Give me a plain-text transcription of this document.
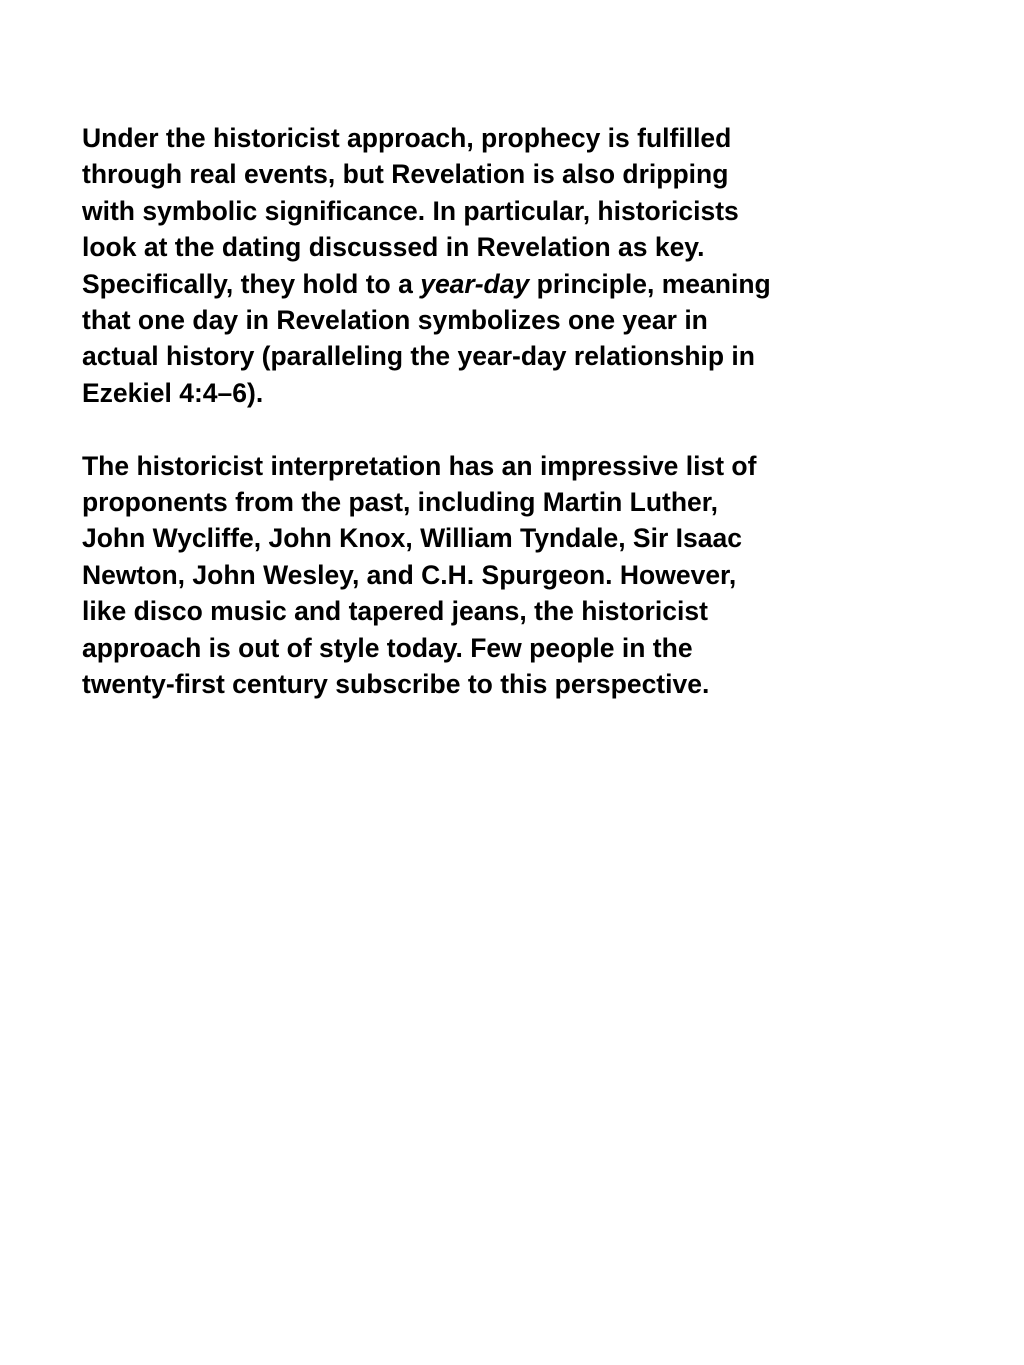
Under the historicist approach, prophecy is fulfilled
through real events, but Revelation is also dripping
with symbolic significance. In particular, historicists
look at the dating discussed in Revelation as key.
Specifically, they hold to a year-day principle, meaning
that one day in Revelation symbolizes one year in
actual history (paralleling the year-day relationship in
Ezekiel 4:4–6).

The historicist interpretation has an impressive list of
proponents from the past, including Martin Luther,
John Wycliffe, John Knox, William Tyndale, Sir Isaac
Newton, John Wesley, and C.H. Spurgeon. However,
like disco music and tapered jeans, the historicist
approach is out of style today. Few people in the
twenty-first century subscribe to this perspective.
